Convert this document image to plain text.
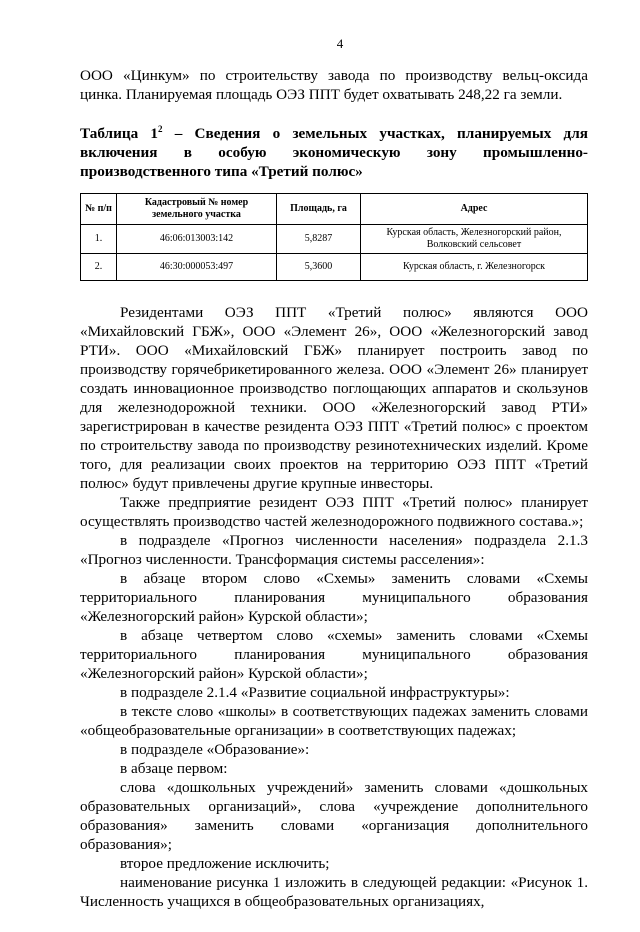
4

ООО «Цинкум» по строительству завода по производству вельц-оксида цинка. Планируемая площадь ОЭЗ ППТ будет охватывать 248,22 га земли.

Таблица $1^2$ – Сведения о земельных участках, планируемых для включения в особую экономическую зону промышленно-производственного типа «Третий полюс»
№ п/п	Кадастровый № номер земельного участка	Площадь, га	Адрес
1.	46:06:013003:142	5,8287	Курская область, Железногорский район, Волковский сельсовет
2.	46:30:000053:497	5,3600	Курская область, г. Железногорск

Резидентами ОЭЗ ППТ «Третий полюс» являются ООО «Михайловский ГБЖ», ООО «Элемент 26», ООО «Железногорский завод РТИ». ООО «Михайловский ГБЖ» планирует построить завод по производству горячебрикетированного железа. ООО «Элемент 26» планирует создать инновационное производство поглощающих аппаратов и скользунов для железнодорожной техники. ООО «Железногорский завод РТИ» зарегистрирован в качестве резидента ОЭЗ ППТ «Третий полюс» с проектом по строительству завода по производству резинотехнических изделий. Кроме того, для реализации своих проектов на территорию ОЭЗ ППТ «Третий полюс» будут привлечены другие крупные инвесторы.

Также предприятие резидент ОЭЗ ППТ «Третий полюс» планирует осуществлять производство частей железнодорожного подвижного состава.»;

в подразделе «Прогноз численности населения» подраздела 2.1.3 «Прогноз численности. Трансформация системы расселения»:

в абзаце втором слово «Схемы» заменить словами «Схемы территориального планирования муниципального образования «Железногорский район» Курской области»;

в абзаце четвертом слово «схемы» заменить словами «Схемы территориального планирования муниципального образования «Железногорский район» Курской области»;

в подразделе 2.1.4 «Развитие социальной инфраструктуры»:

в тексте слово «школы» в соответствующих падежах заменить словами «общеобразовательные организации» в соответствующих падежах;

в подразделе «Образование»:

в абзаце первом:

слова «дошкольных учреждений» заменить словами «дошкольных образовательных организаций», слова «учреждение дополнительного образования» заменить словами «организация дополнительного образования»;

второе предложение исключить;

наименование рисунка 1 изложить в следующей редакции: «Рисунок 1. Численность учащихся в общеобразовательных организациях,
